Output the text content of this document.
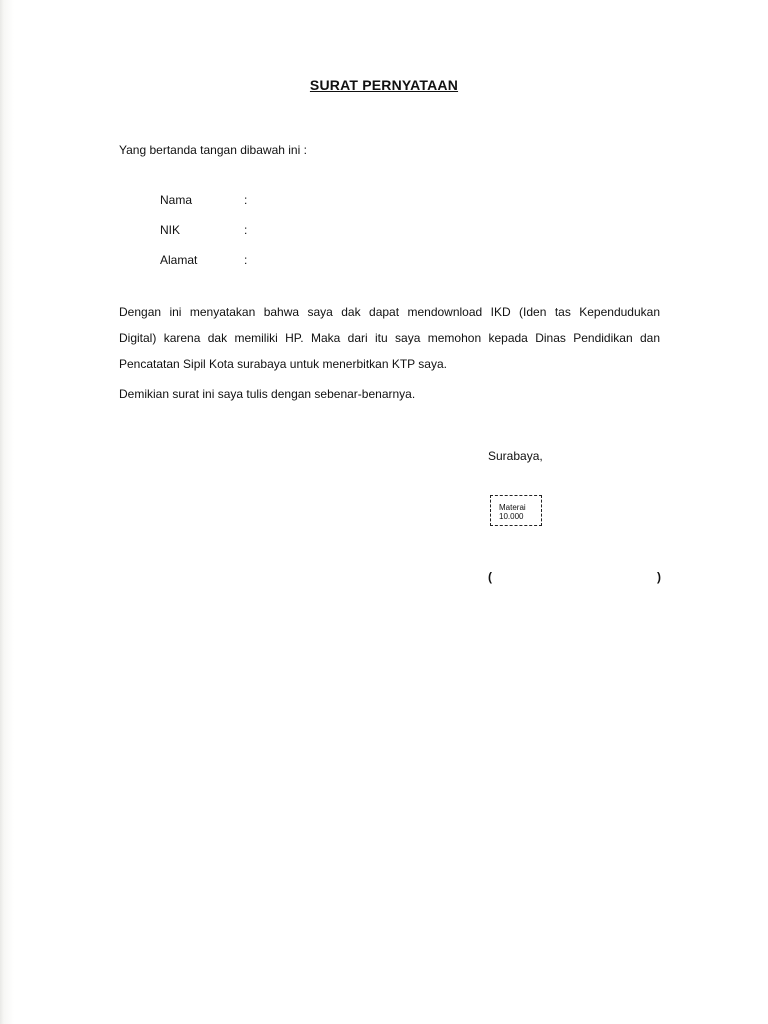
SURAT PERNYATAAN
Yang bertanda tangan dibawah ini :
Nama	:
NIK	:
Alamat	:
Dengan ini menyatakan bahwa saya dak dapat mendownload IKD (Iden tas Kependudukan
Digital) karena dak memiliki HP. Maka dari itu saya memohon kepada Dinas Pendidikan dan
Pencatatan Sipil Kota surabaya untuk menerbitkan KTP saya.
Demikian surat ini saya tulis dengan sebenar-benarnya.
Surabaya,
Materai
10.000
(	)
